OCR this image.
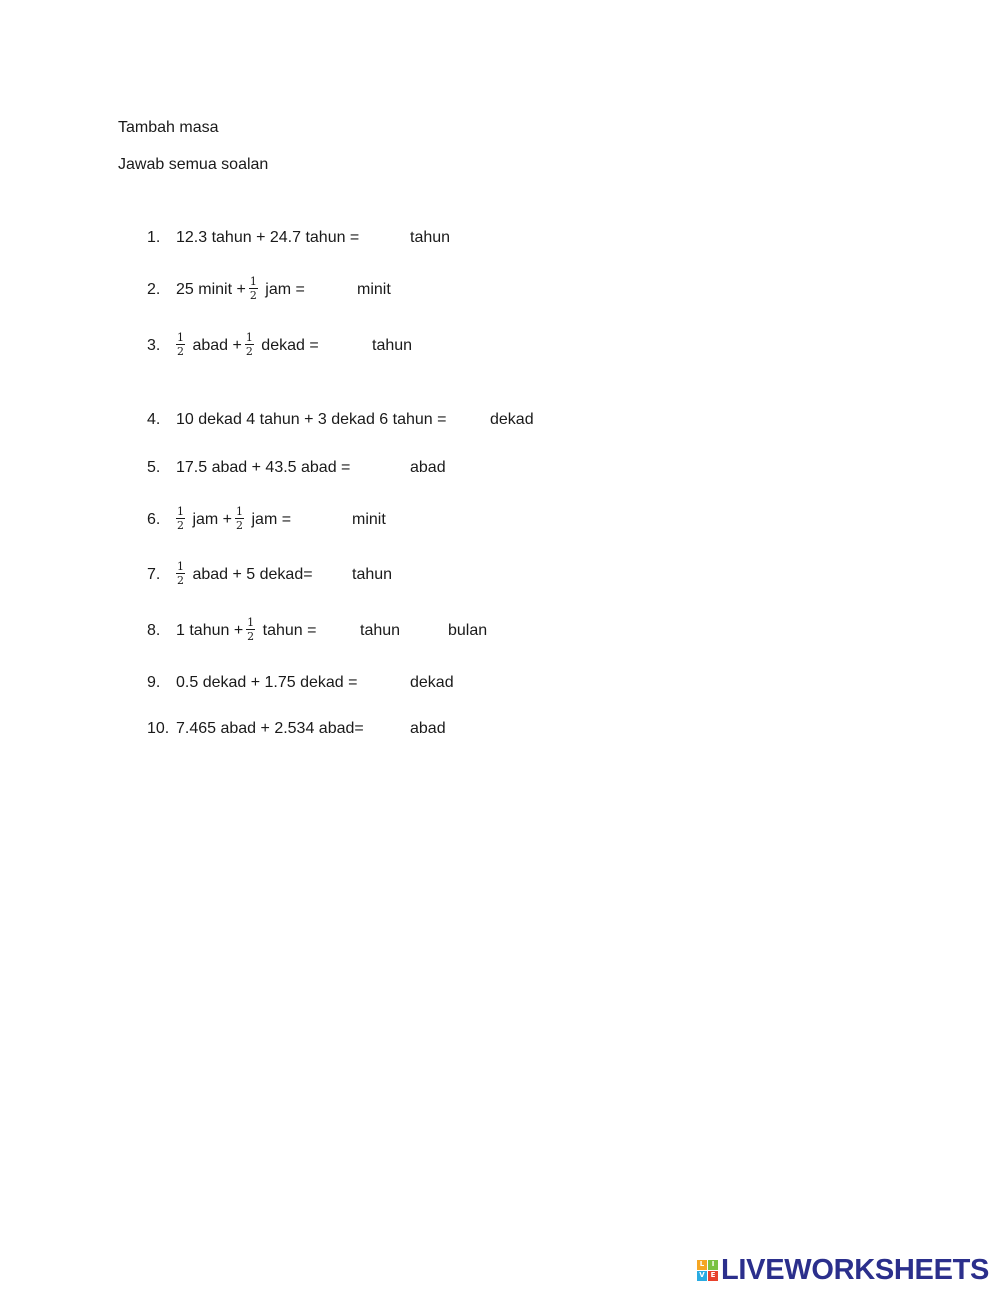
Tambah masa
Jawab semua soalan
1. 12.3 tahun + 24.7 tahun =	tahun
2. 25 minit + $\frac{1}{2}$ jam =	minit
3. $\frac{1}{2}$ abad + $\frac{1}{2}$ dekad =	tahun
4. 10 dekad 4 tahun + 3 dekad 6 tahun =	dekad
5. 17.5 abad + 43.5 abad =	abad
6. $\frac{1}{2}$ jam + $\frac{1}{2}$ jam =	minit
7. $\frac{1}{2}$ abad + 5 dekad= tahun
8. 1 tahun + $\frac{1}{2}$ tahun =	tahun	bulan
9. 0.5 dekad + 1.75 dekad =	dekad
10. 7.465 abad + 2.534 abad=	abad
L	I
V E LIVEWORKSHEETS
